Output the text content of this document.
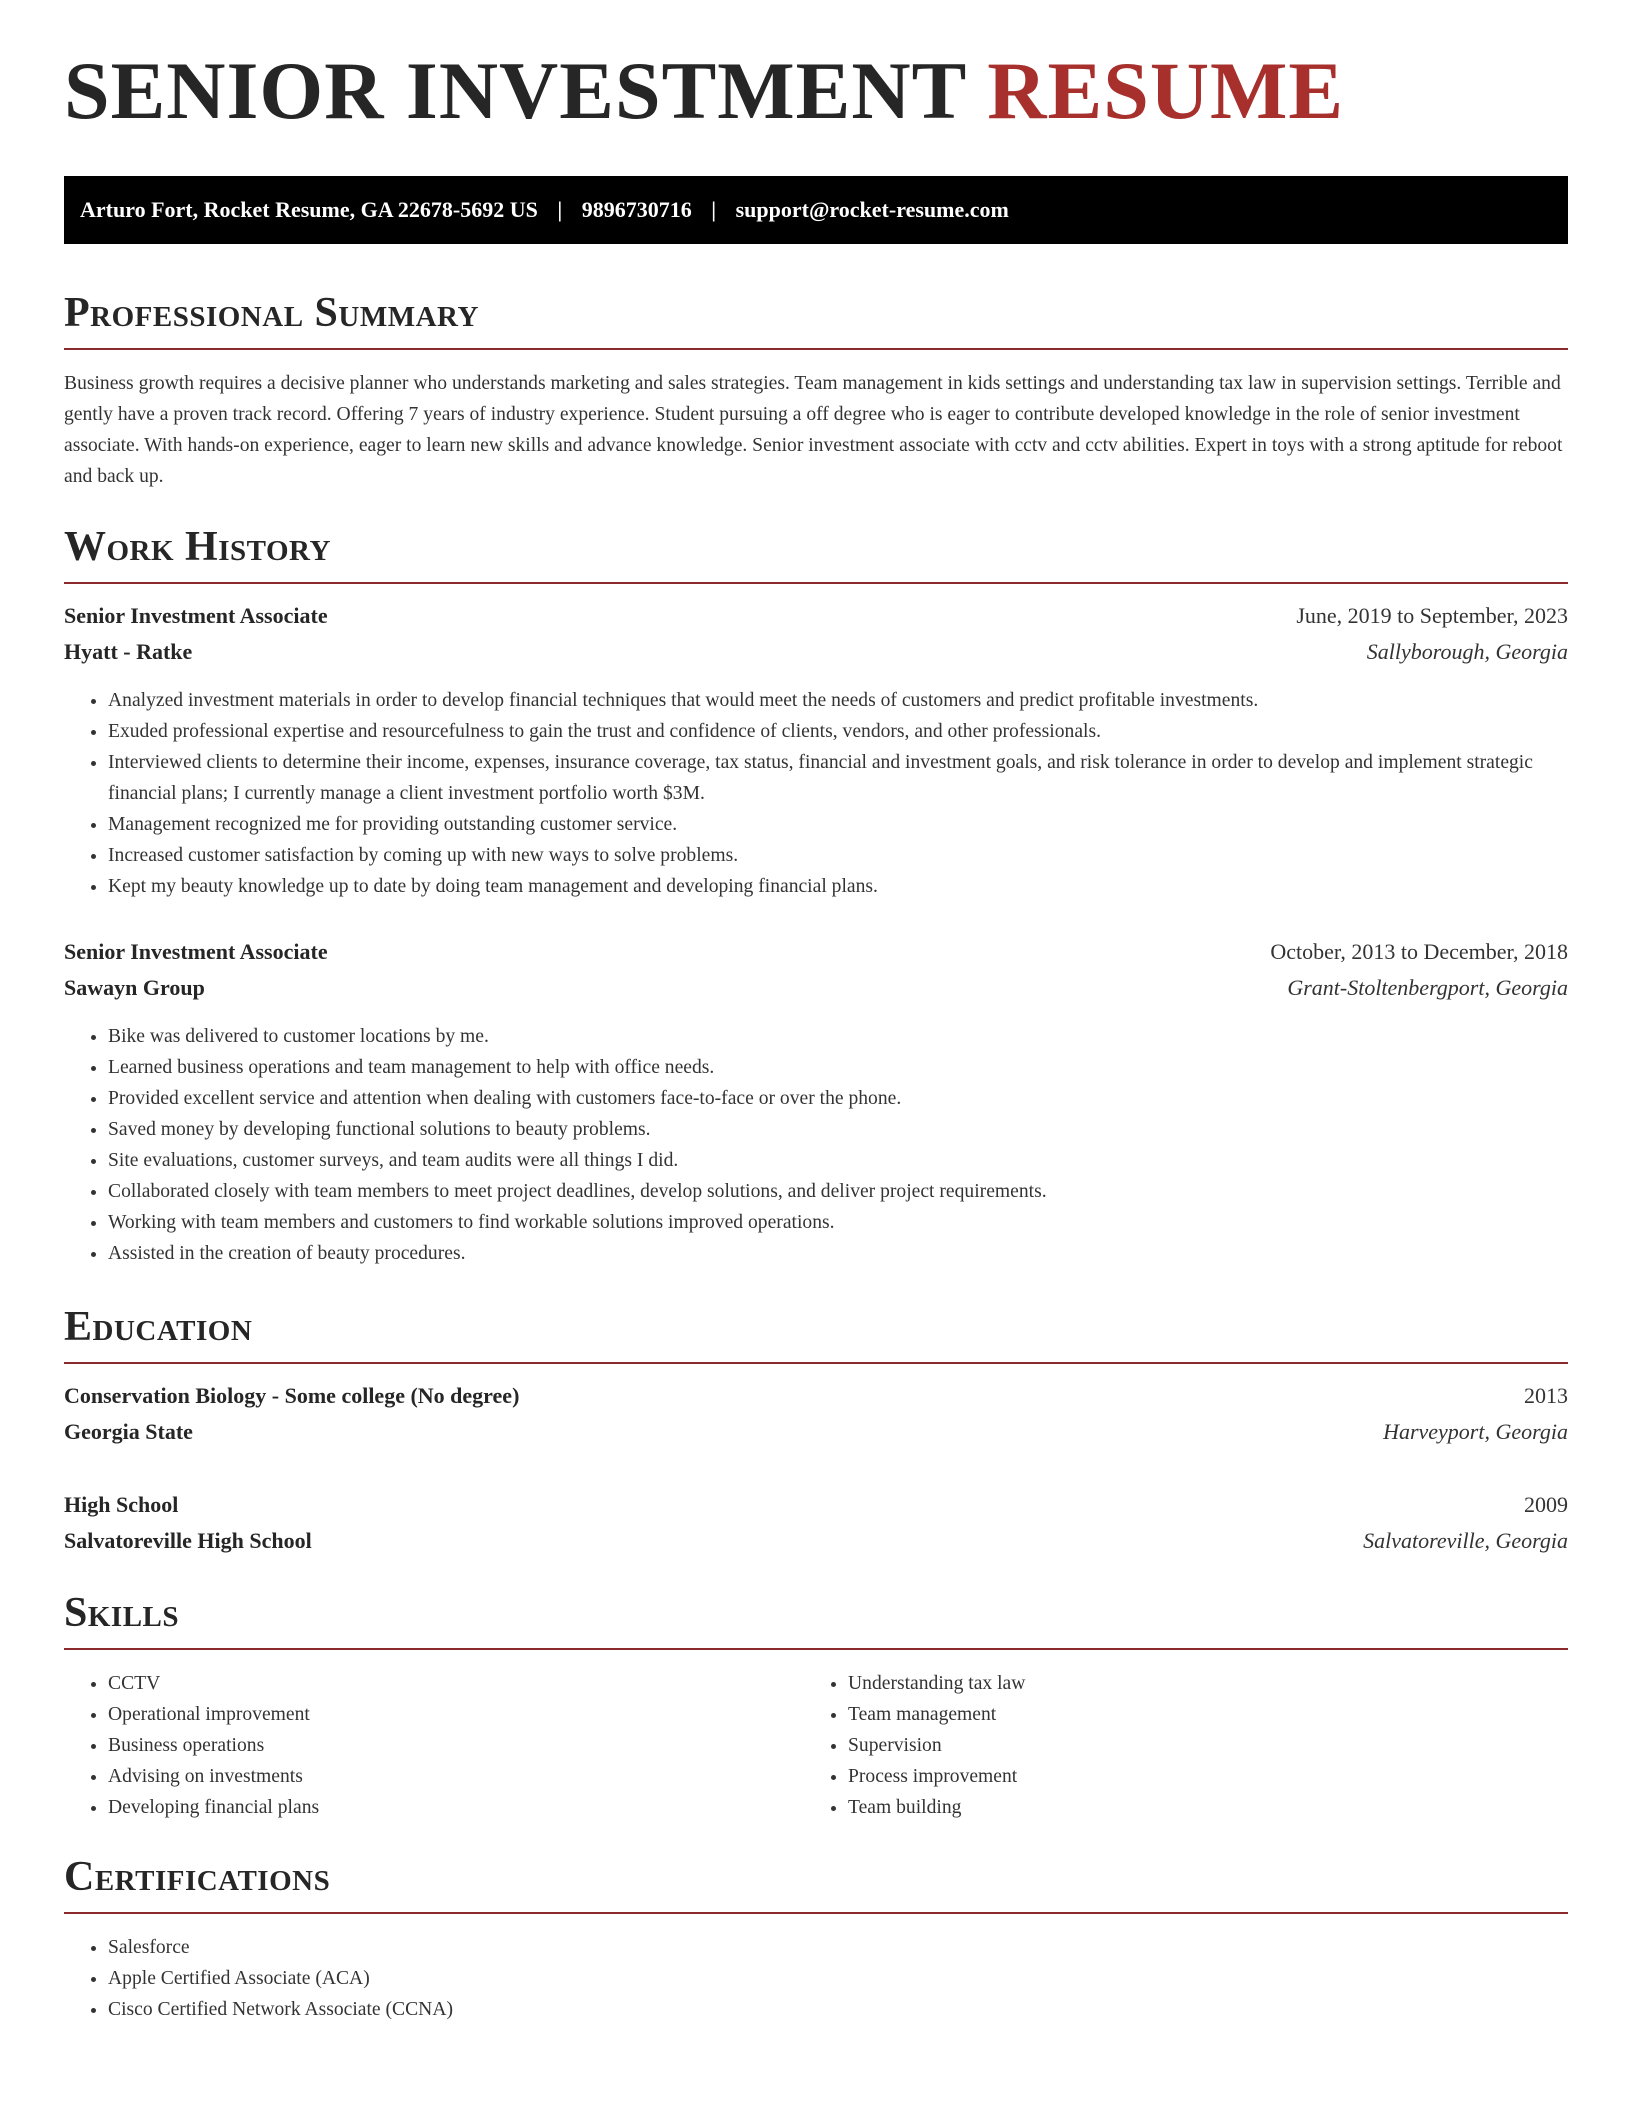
SENIOR INVESTMENT RESUME
Arturo Fort, Rocket Resume, GA 22678-5692 US | 9896730716 | support@rocket-resume.com
Professional Summary

Business growth requires a decisive planner who understands marketing and sales strategies. Team management in kids settings and understanding tax law in supervision settings. Terrible and gently have a proven track record. Offering 7 years of industry experience. Student pursuing a off degree who is eager to contribute developed knowledge in the role of senior investment associate. With hands-on experience, eager to learn new skills and advance knowledge. Senior investment associate with cctv and cctv abilities. Expert in toys with a strong aptitude for reboot and back up.

Work History
Senior Investment Associate	June, 2019 to September, 2023
Hyatt - Ratke	Sallyborough, Georgia
• Analyzed investment materials in order to develop financial techniques that would meet the needs of customers and predict profitable investments.
• Exuded professional expertise and resourcefulness to gain the trust and confidence of clients, vendors, and other professionals.
• Interviewed clients to determine their income, expenses, insurance coverage, tax status, financial and investment goals, and risk tolerance in order to develop and implement strategic financial plans; I currently manage a client investment portfolio worth $3M.
• Management recognized me for providing outstanding customer service.
• Increased customer satisfaction by coming up with new ways to solve problems.
• Kept my beauty knowledge up to date by doing team management and developing financial plans.
Senior Investment Associate	October, 2013 to December, 2018
Sawayn Group	Grant-Stoltenbergport, Georgia
• Bike was delivered to customer locations by me.
• Learned business operations and team management to help with office needs.
• Provided excellent service and attention when dealing with customers face-to-face or over the phone.
• Saved money by developing functional solutions to beauty problems.
• Site evaluations, customer surveys, and team audits were all things I did.
• Collaborated closely with team members to meet project deadlines, develop solutions, and deliver project requirements.
• Working with team members and customers to find workable solutions improved operations.
• Assisted in the creation of beauty procedures.
Education
Conservation Biology - Some college (No degree)	2013
Georgia State	Harveyport, Georgia
High School	2009
Salvatoreville High School	Salvatoreville, Georgia
Skills
• CCTV
• Operational improvement
• Business operations
• Advising on investments
• Developing financial plans
• Understanding tax law
• Team management
• Supervision
• Process improvement
• Team building
Certifications
• Salesforce
• Apple Certified Associate (ACA)
• Cisco Certified Network Associate (CCNA)
